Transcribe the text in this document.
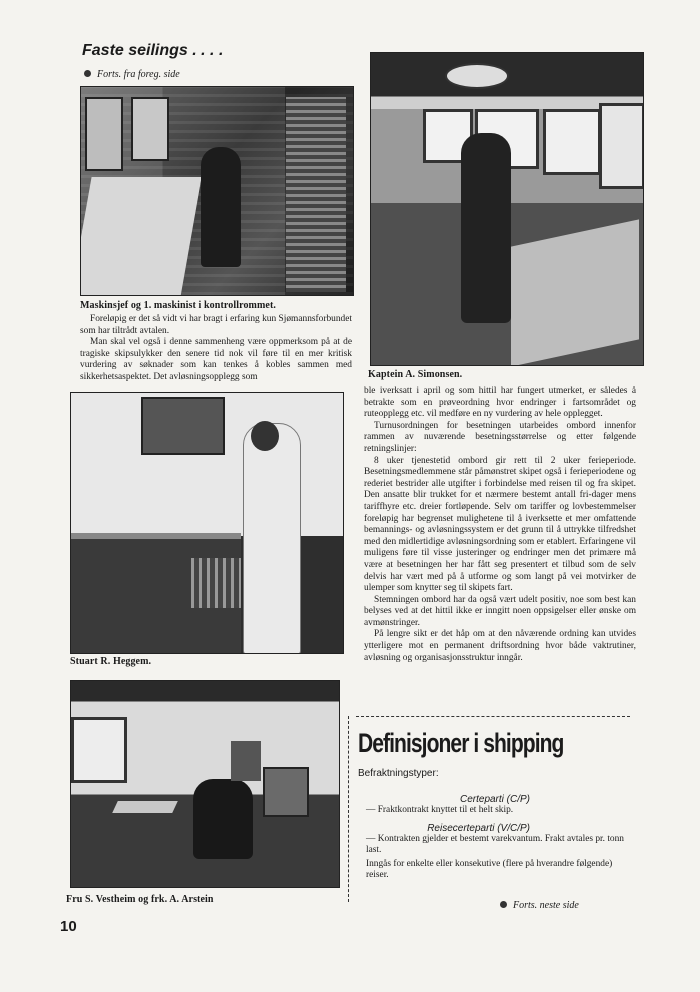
Faste seilings . . . .
Forts. fra foreg. side
Maskinsjef og 1. maskinist i kontrollrommet.

Foreløpig er det så vidt vi har bragt i erfaring kun Sjømannsforbundet som har tiltrådt avtalen.

Man skal vel også i denne sammenheng være oppmerksom på at de tragiske skipsulykker den senere tid nok vil føre til en mer kritisk vurdering av søknader som kan tenkes å kobles sammen med sikkerhetsaspektet. Det avløsningsopplegg som	Kaptein A. Simonsen.
Stuart R. Heggem.
Fru S. Vestheim og frk. A. Arstein

ble iverksatt i april og som hittil har fungert utmerket, er således å betrakte som en prøveordning hvor endringer i fartsområdet og ruteopplegg etc. vil medføre en ny vurdering av hele opplegget.

Turnusordningen for besetningen utarbeides ombord innenfor rammen av nuværende besetningsstørrelse og etter følgende retningslinjer:

8 uker tjenestetid ombord gir rett til 2 uker ferieperiode. Besetningsmedlemmene står påmønstret skipet også i ferieperiodene og rederiet bestrider alle utgifter i forbindelse med reisen til og fra skipet. Den ansatte blir trukket for et nærmere bestemt antall fri-dager mens tariffhyre etc. dreier fortløpende. Selv om tariffer og lovbestemmelser foreløpig har begrenset mulighetene til å iverksette et mer omfattende bemannings- og avløsningssystem er det grunn til å uttrykke tilfredshet med den midlertidige avløsningsordning som er etablert. Erfaringene vil muligens føre til visse justeringer og endringer men det primære må være at besetningen her har fått seg presentert et tilbud som de selv delvis har vært med på å utforme og som langt på vei motvirker de ulemper som knytter seg til skipets fart.

Stemningen ombord har da også vært udelt positiv, noe som best kan belyses ved at det hittil ikke er inngitt noen oppsigelser eller ønske om avmønstringer.

På lengre sikt er det håp om at den nåværende ordning kan utvides ytterligere mot en permanent driftsordning hvor både vaktrutiner, avløsning og organisasjonsstruktur inngår.

Definisjoner i shipping
Befraktningstyper:
Certeparti (C/P)
— Fraktkontrakt knyttet til et helt skip.
Reisecerteparti (V/C/P)
— Kontrakten gjelder et bestemt varekvantum. Frakt avtales pr. tonn last.
Inngås for enkelte eller konsekutive (flere på hverandre følgende) reiser.
Forts. neste side
10
